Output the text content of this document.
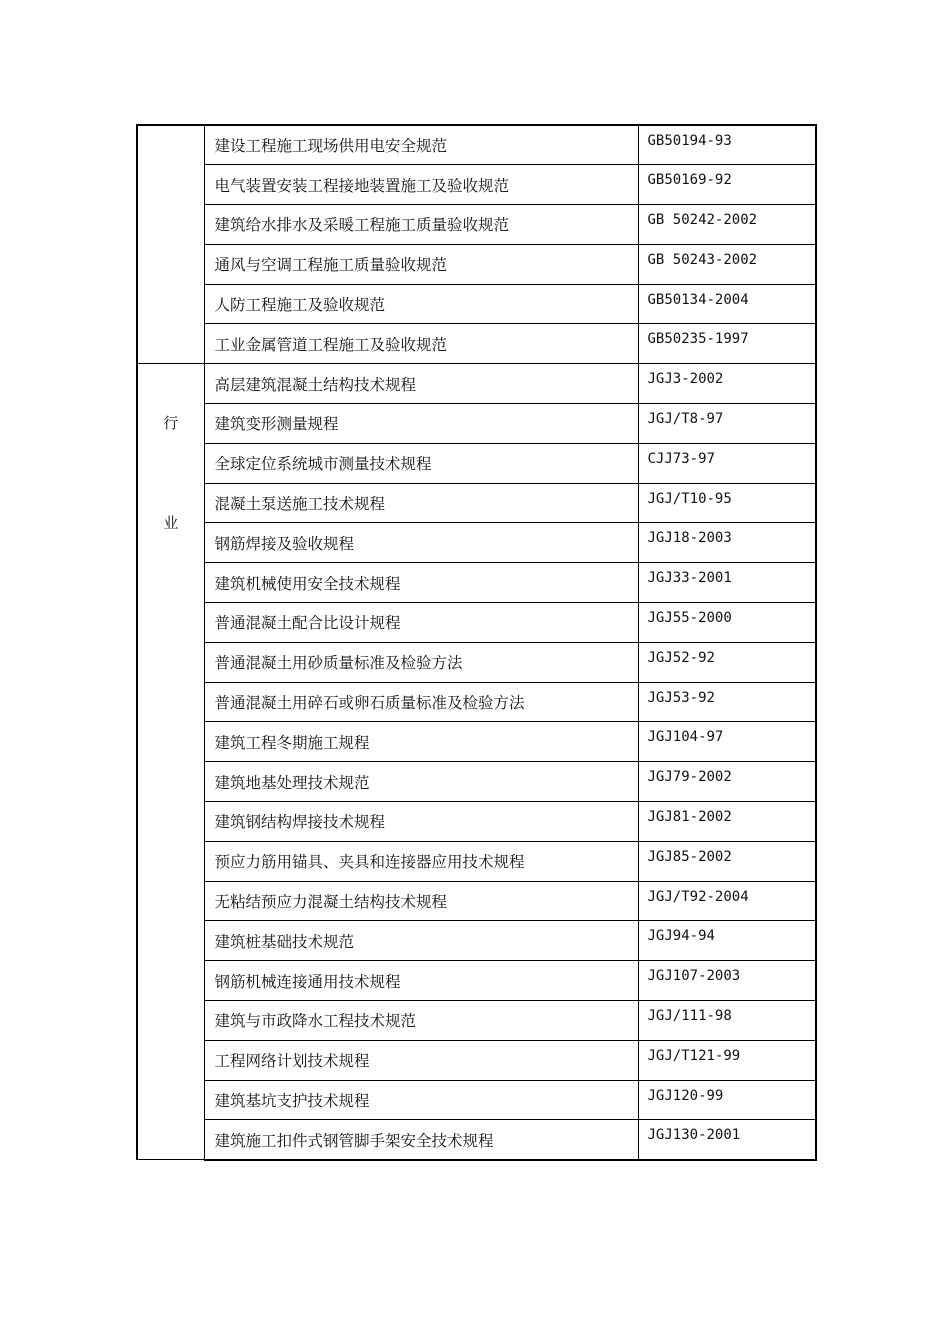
	建设工程施工现场供用电安全规范	GB50194-93
	电气装置安装工程接地装置施工及验收规范	GB50169-92
	建筑给水排水及采暖工程施工质量验收规范	GB 50242-2002
	通风与空调工程施工质量验收规范	GB 50243-2002
	人防工程施工及验收规范	GB50134-2004
	工业金属管道工程施工及验收规范	GB50235-1997

行
业	高层建筑混凝土结构技术规程	JGJ3-2002
	建筑变形测量规程	JGJ/T8-97
	全球定位系统城市测量技术规程	CJJ73-97
	混凝土泵送施工技术规程	JGJ/T10-95
	钢筋焊接及验收规程	JGJ18-2003
	建筑机械使用安全技术规程	JGJ33-2001
	普通混凝土配合比设计规程	JGJ55-2000
	普通混凝土用砂质量标准及检验方法	JGJ52-92
	普通混凝土用碎石或卵石质量标准及检验方法	JGJ53-92
	建筑工程冬期施工规程	JGJ104-97
	建筑地基处理技术规范	JGJ79-2002
	建筑钢结构焊接技术规程	JGJ81-2002
	预应力筋用锚具、夹具和连接器应用技术规程	JGJ85-2002
	无粘结预应力混凝土结构技术规程	JGJ/T92-2004
	建筑桩基础技术规范	JGJ94-94
	钢筋机械连接通用技术规程	JGJ107-2003
	建筑与市政降水工程技术规范	JGJ/111-98
	工程网络计划技术规程	JGJ/T121-99
	建筑基坑支护技术规程	JGJ120-99
	建筑施工扣件式钢管脚手架安全技术规程	JGJ130-2001
